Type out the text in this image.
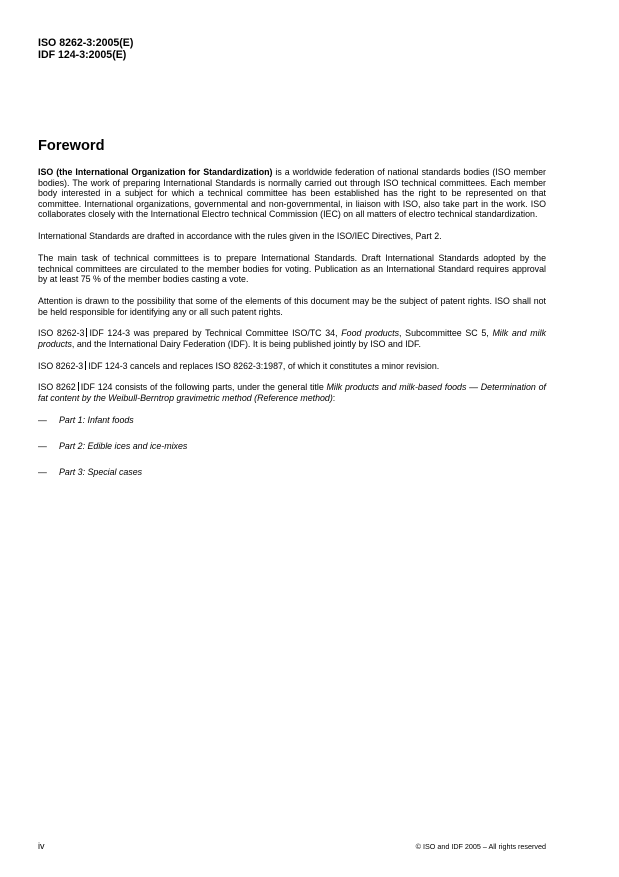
ISO 8262-3:2005(E)
IDF 124-3:2005(E)
Foreword

ISO (the International Organization for Standardization) is a worldwide federation of national standards bodies (ISO member bodies). The work of preparing International Standards is normally carried out through ISO technical committees. Each member body interested in a subject for which a technical committee has been established has the right to be represented on that committee. International organizations, governmental and non-governmental, in liaison with ISO, also take part in the work. ISO collaborates closely with the International Electro technical Commission (IEC) on all matters of electro technical standardization.

International Standards are drafted in accordance with the rules given in the ISO/IEC Directives, Part 2.

The main task of technical committees is to prepare International Standards. Draft International Standards adopted by the technical committees are circulated to the member bodies for voting. Publication as an International Standard requires approval by at least 75 % of the member bodies casting a vote.

Attention is drawn to the possibility that some of the elements of this document may be the subject of patent rights. ISO shall not be held responsible for identifying any or all such patent rights.

ISO 8262-3 IDF 124-3 was prepared by Technical Committee ISO/TC 34, Food products, Subcommittee SC 5, Milk and milk products, and the International Dairy Federation (IDF). It is being published jointly by ISO and IDF.

ISO 8262-3 IDF 124-3 cancels and replaces ISO 8262-3:1987, of which it constitutes a minor revision.

ISO 8262 IDF 124 consists of the following parts, under the general title Milk products and milk-based foods — Determination of fat content by the Weibull-Berntrop gravimetric method (Reference method):

— Part 1: Infant foods
— Part 2: Edible ices and ice-mixes
— Part 3: Special cases
iv	© ISO and IDF 2005 – All rights reserved
